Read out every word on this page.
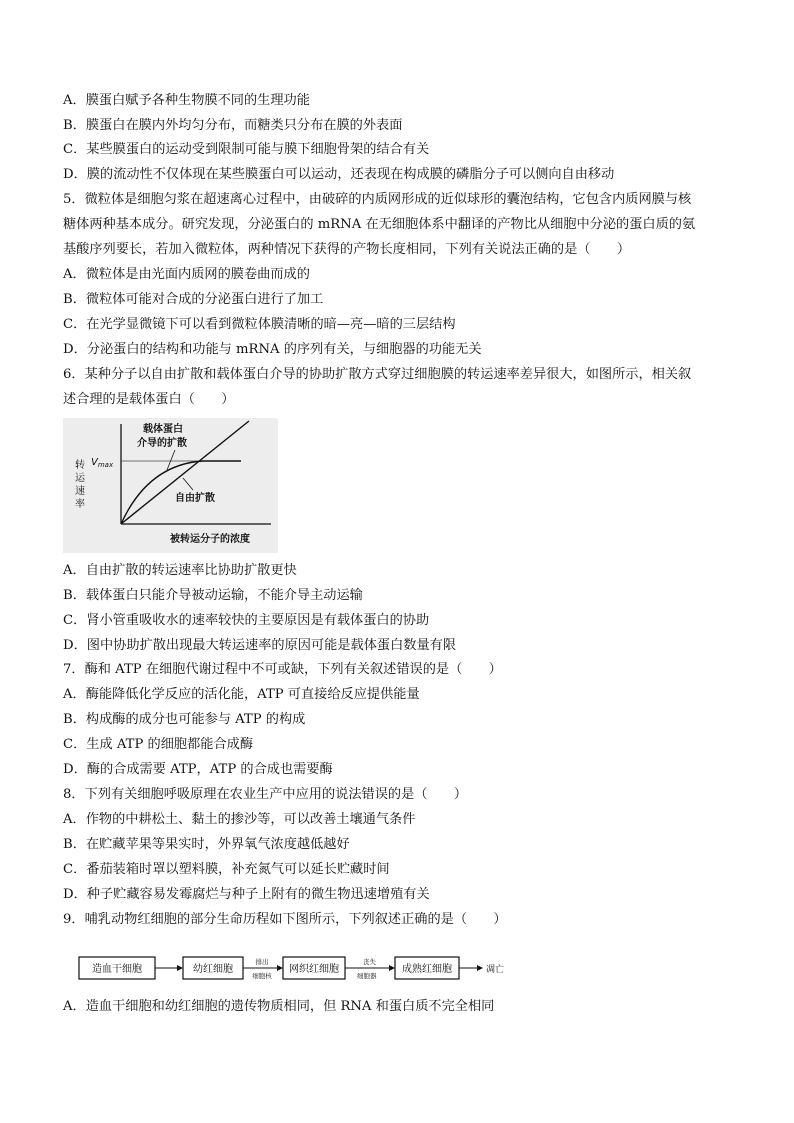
A．膜蛋白赋予各种生物膜不同的生理功能
B．膜蛋白在膜内外均匀分布，而糖类只分布在膜的外表面
C．某些膜蛋白的运动受到限制可能与膜下细胞骨架的结合有关
D．膜的流动性不仅体现在某些膜蛋白可以运动，还表现在构成膜的磷脂分子可以侧向自由移动
5．微粒体是细胞匀浆在超速离心过程中，由破碎的内质网形成的近似球形的囊泡结构，它包含内质网膜与核
糖体两种基本成分。研究发现，分泌蛋白的 mRNA 在无细胞体系中翻译的产物比从细胞中分泌的蛋白质的氨
基酸序列要长，若加入微粒体，两种情况下获得的产物长度相同，下列有关说法正确的是（　　）
A．微粒体是由光面内质网的膜卷曲而成的
B．微粒体可能对合成的分泌蛋白进行了加工
C．在光学显微镜下可以看到微粒体膜清晰的暗—亮—暗的三层结构
D．分泌蛋白的结构和功能与 mRNA 的序列有关，与细胞器的功能无关
6．某种分子以自由扩散和载体蛋白介导的协助扩散方式穿过细胞膜的转运速率差异很大，如图所示，相关叙
述合理的是载体蛋白（　　）
转
运
速
率
$V_{max}$
载体蛋白
介导的扩散
自由扩散
被转运分子的浓度
A．自由扩散的转运速率比协助扩散更快
B．载体蛋白只能介导被动运输，不能介导主动运输
C．肾小管重吸收水的速率较快的主要原因是有载体蛋白的协助
D．图中协助扩散出现最大转运速率的原因可能是载体蛋白数量有限
7．酶和 ATP 在细胞代谢过程中不可或缺，下列有关叙述错误的是（　　）
A．酶能降低化学反应的活化能，ATP 可直接给反应提供能量
B．构成酶的成分也可能参与 ATP 的构成
C．生成 ATP 的细胞都能合成酶
D．酶的合成需要 ATP，ATP 的合成也需要酶
8．下列有关细胞呼吸原理在农业生产中应用的说法错误的是（　　）
A．作物的中耕松土、黏土的掺沙等，可以改善土壤通气条件
B．在贮藏苹果等果实时，外界氧气浓度越低越好
C．番茄装箱时罩以塑料膜，补充氮气可以延长贮藏时间
D．种子贮藏容易发霉腐烂与种子上附有的微生物迅速增殖有关
9．哺乳动物红细胞的部分生命历程如下图所示，下列叙述正确的是（　　）
造血干细胞	幼红细胞
排出
细胞核
网织红细胞
丧失
细胞器
成熟红细胞	凋亡
A．造血干细胞和幼红细胞的遗传物质相同，但 RNA 和蛋白质不完全相同
